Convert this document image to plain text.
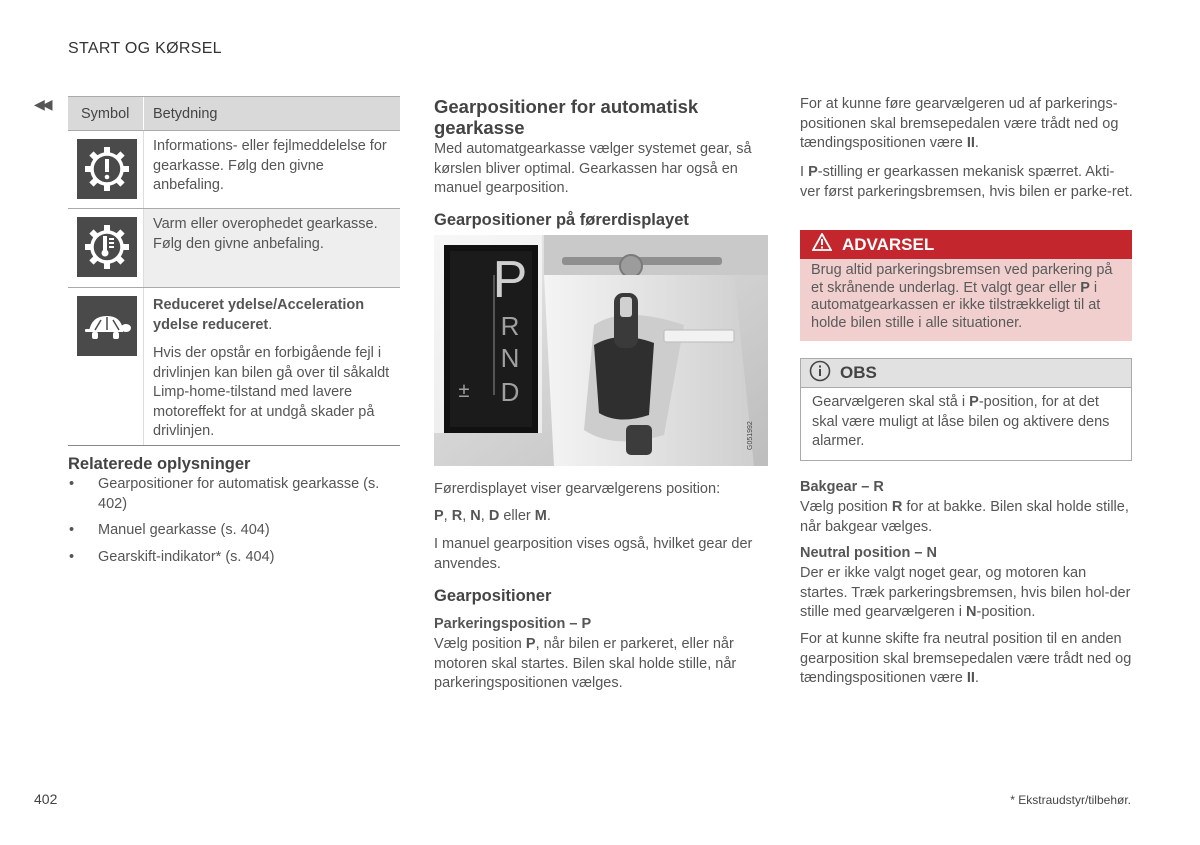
START OG KØRSEL
◀◀
Symbol	Betydning
Informations- eller fejlmeddelelse for gearkasse. Følg den givne anbefaling.
Varm eller overophedet gearkasse. Følg den givne anbefaling.
Reduceret ydelse/Acceleration ydelse reduceret.
Hvis der opstår en forbigående fejl i drivlinjen kan bilen gå over til såkaldt Limp-home-tilstand med lavere motoreffekt for at undgå skader på drivlinjen.
Relaterede oplysninger
•	Gearpositioner for automatisk gearkasse (s. 402)
•	Manuel gearkasse (s. 404)
•	Gearskift-indikator* (s. 404)
Gearpositioner for automatisk gearkasse
Med automatgearkasse vælger systemet gear, så kørslen bliver optimal. Gearkassen har også en manuel gearposition.
Gearpositioner på førerdisplayet
P
R
N
D
±
G051992
Førerdisplayet viser gearvælgerens position:
P, R, N, D eller M.
I manuel gearposition vises også, hvilket gear der anvendes.
Gearpositioner
Parkeringsposition – P
Vælg position P, når bilen er parkeret, eller når motoren skal startes. Bilen skal holde stille, når parkeringspositionen vælges.
For at kunne føre gearvælgeren ud af parkerings-positionen skal bremsepedalen være trådt ned og tændingspositionen være II.
I P-stilling er gearkassen mekanisk spærret. Akti-ver først parkeringsbremsen, hvis bilen er parke-ret.
ADVARSEL
Brug altid parkeringsbremsen ved parkering på et skrånende underlag. Et valgt gear eller P i automatgearkassen er ikke tilstrækkeligt til at holde bilen stille i alle situationer.
OBS
Gearvælgeren skal stå i P-position, for at det skal være muligt at låse bilen og aktivere dens alarmer.
Bakgear – R
Vælg position R for at bakke. Bilen skal holde stille, når bakgear vælges.
Neutral position – N
Der er ikke valgt noget gear, og motoren kan startes. Træk parkeringsbremsen, hvis bilen hol-der stille med gearvælgeren i N-position.
For at kunne skifte fra neutral position til en anden gearposition skal bremsepedalen være trådt ned og tændingspositionen være II.
402	* Ekstraudstyr/tilbehør.
